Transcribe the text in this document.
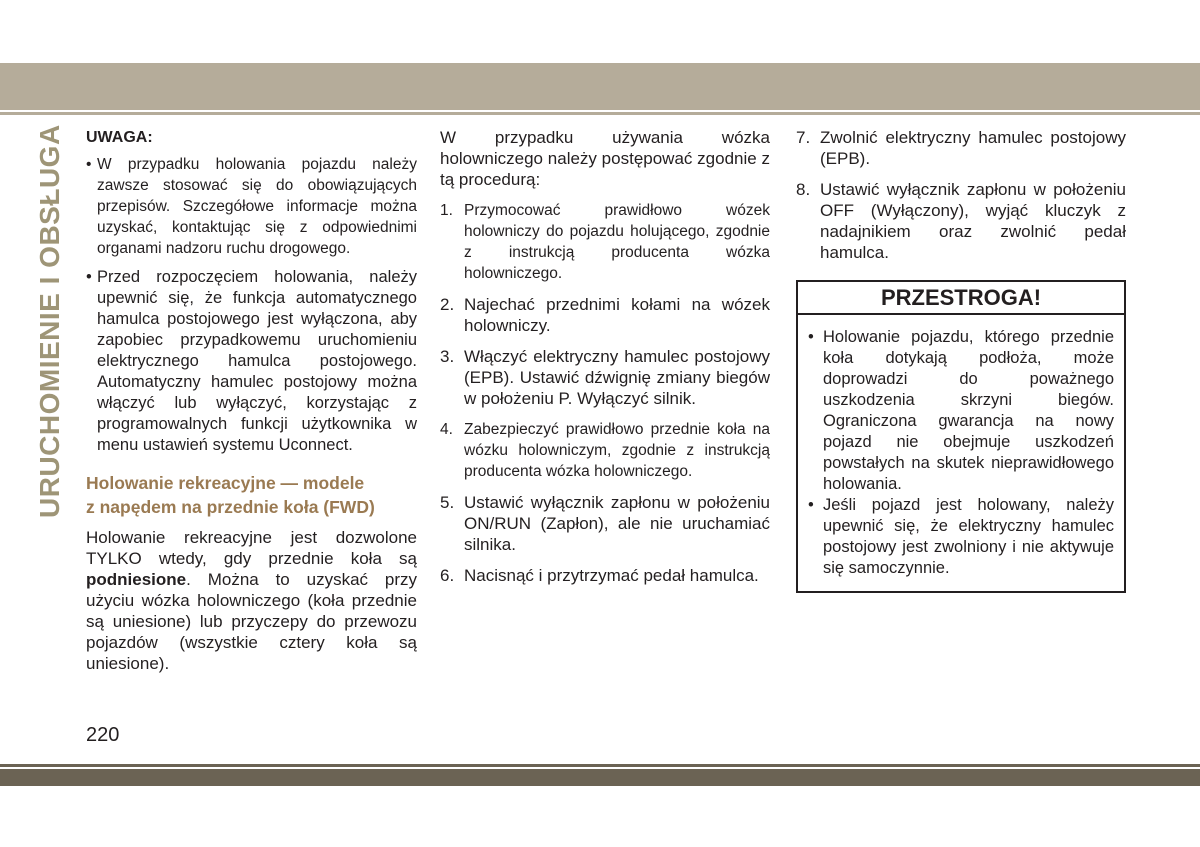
URUCHOMIENIE I OBSŁUGA UWAGA:

• W przypadku holowania pojazdu należy zawsze stosować się do obowiązujących przepisów. Szczegółowe informacje można uzyskać, kontaktując się z odpowiednimi organami nadzoru ruchu drogowego.
• Przed rozpoczęciem holowania, należy upewnić się, że funkcja automatycznego hamulca postojowego jest wyłączona, aby zapobiec przypadkowemu uruchomieniu elektrycznego hamulca postojowego. Automatyczny hamulec postojowy można włączyć lub wyłączyć, korzystając z programowalnych funkcji użytkownika w menu ustawień systemu Uconnect.
Holowanie rekreacyjne — modele
z napędem na przednie koła (FWD)

Holowanie rekreacyjne jest dozwolone TYLKO wtedy, gdy przednie koła są podniesione. Można to uzyskać przy użyciu wózka holowniczego (koła przednie są uniesione) lub przyczepy do przewozu pojazdów (wszystkie cztery koła są uniesione).

W przypadku używania wózka holowniczego należy postępować zgodnie z tą procedurą:

1. Przymocować prawidłowo wózek holowniczy do pojazdu holującego, zgodnie z instrukcją producenta wózka holowniczego.
2. Najechać przednimi kołami na wózek holowniczy.
3. Włączyć elektryczny hamulec postojowy (EPB). Ustawić dźwignię zmiany biegów w położeniu P. Wyłączyć silnik.
4. Zabezpieczyć prawidłowo przednie koła na wózku holowniczym, zgodnie z instrukcją producenta wózka holowniczego.
5. Ustawić wyłącznik zapłonu w położeniu ON/RUN (Zapłon), ale nie uruchamiać silnika.
6. Nacisnąć i przytrzymać pedał hamulca.
7. Zwolnić elektryczny hamulec postojowy (EPB).
8. Ustawić wyłącznik zapłonu w położeniu OFF (Wyłączony), wyjąć kluczyk z nadajnikiem oraz zwolnić pedał hamulca.
PRZESTROGA!
• Holowanie pojazdu, którego przednie koła dotykają podłoża, może doprowadzi do poważnego uszkodzenia skrzyni biegów. Ograniczona gwarancja na nowy pojazd nie obejmuje uszkodzeń powstałych na skutek nieprawidłowego holowania.
• Jeśli pojazd jest holowany, należy upewnić się, że elektryczny hamulec postojowy jest zwolniony i nie aktywuje się samoczynnie.
220
